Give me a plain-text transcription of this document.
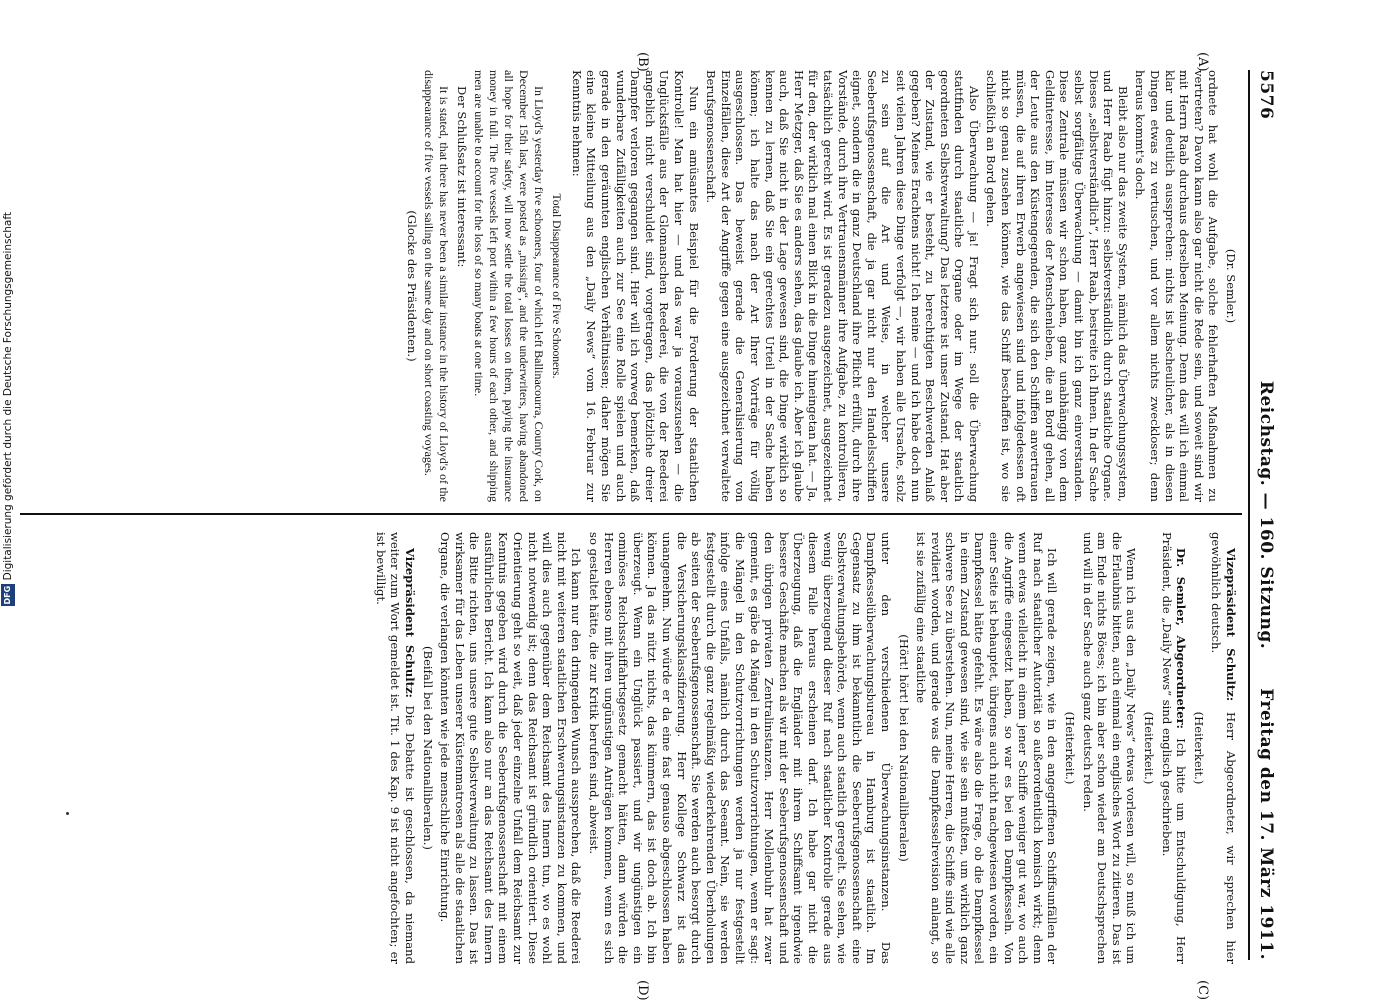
5576
Reichstag. — 160. Sitzung.
Freitag den 17. März 1911.
(A)
(B)
(C)
(D)

(Dr. Semler.)

ordnete hat wohl die Aufgabe, solche fehlerhaften Maßnahmen zu vertreten? Davon kann also gar nicht die Rede sein, und soweit sind wir mit Herrn Raab durchaus derselben Meinung. Denn das will ich einmal klar und deutlich aussprechen: nichts ist abscheulicher, als in diesen Dingen etwas zu vertuschen, und vor allem nichts zweckloser; denn heraus kommt's doch.

Bleibt also nur das zweite System, nämlich das Überwachungssystem, und Herr Raab fügt hinzu: selbstverständlich durch staatliche Organe. Dieses „selbstverständlich“, Herr Raab, bestreite ich Ihnen. In der Sache selbst sorgfältige Überwachung — damit bin ich ganz einverstanden. Diese Zentrale müssen wir schon haben, ganz unabhängig von dem Geldinteresse, im Interesse der Menschenleben, die an Bord gehen, all der Leute aus den Küstengegenden, die sich den Schiffen anvertrauen müssen, die auf ihren Erwerb angewiesen sind und infolgedessen oft nicht so genau zusehen können, wie das Schiff beschaffen ist, wo sie schließlich an Bord gehen.

Also Überwachung — ja! Fragt sich nur: soll die Überwachung stattfinden durch staatliche Organe oder im Wege der staatlich geordneten Selbstverwaltung? Das letztere ist unser Zustand. Hat aber der Zustand, wie er besteht, zu berechtigten Beschwerden Anlaß gegeben? Meines Erachtens nicht! Ich meine — und ich habe doch nun seit vielen Jahren diese Dinge verfolgt —, wir haben alle Ursache, stolz zu sein auf die Art und Weise, in welcher unsere Seeberufsgenossenschaft, die ja gar nicht nur den Handelsschiffen eignet, sondern die in ganz Deutschland ihre Pflicht erfüllt, durch ihre Vorstände, durch ihre Vertrauensmänner ihre Aufgabe, zu kontrollieren, tatsächlich gerecht wird. Es ist geradezu ausgezeichnet, ausgezeichnet für den, der wirklich mal einen Blick in die Dinge hineingetan hat. — Ja, Herr Metzger, daß Sie es anders sehen, das glaube ich. Aber ich glaube auch, daß Sie nicht in der Lage gewesen sind, die Dinge wirklich so kennen zu lernen, daß Sie ein gerechtes Urteil in der Sache haben können; ich halte das nach der Art Ihrer Vorträge für völlig ausgeschlossen. Das beweist gerade die Generalisierung von Einzelfällen, diese Art der Angriffe gegen eine ausgezeichnet verwaltete Berufsgenossenschaft.

Nun ein amüsantes Beispiel für die Forderung der staatlichen Kontrolle! Man hat hier — und das war ja vorauszusehen — die Unglücksfälle aus der Glomanschen Reederei, die von der Reederei angeblich nicht verschuldet sind, vorgetragen, das plötzliche dreier Dampfer verloren gegangen sind. Hier will ich vorweg bemerken, daß wunderbare Zufälligkeiten auch zur See eine Rolle spielen und auch gerade in den geräumten englischen Verhältnissen; daher mögen Sie eine kleine Mitteilung aus den „Daily News“ vom 16. Februar zur Kenntnis nehmen:

Total Disappearance of Five Schooners.

In Lloyd's yesterday five schooners, four of which left Ballinacourra, County Cork, on December 15th last, were posted as „missing“, and the underwriters, having abandoned all hope for their safety, will now settle the total losses on them, paying the insurance money in full. The five vessels left port within a few hours of each other, and shipping men are unable to account for the loss of so many boats at one time.

Der Schlußsatz ist interessant:

It is stated, that there has never been a similar instance in the history of Lloyd's of the disappearance of five vessels sailing on the same day and on short coasting voyages.

(Glocke des Präsidenten.)

Vizepräsident Schultz: Herr Abgeordneter, wir sprechen hier gewöhnlich deutsch.

(Heiterkeit.)

Dr. Semler, Abgeordneter: Ich bitte um Entschuldigung, Herr Präsident, die „Daily News“ sind englisch geschrieben.

(Heiterkeit.)

Wenn ich aus den „Daily News“ etwas vorlesen will, so muß ich um die Erlaubnis bitten, auch einmal ein englisches Wort zu zitieren. Das ist am Ende nichts Böses; ich bin aber schon wieder am Deutschsprechen und will in der Sache auch ganz deutsch reden.

(Heiterkeit.)

Ich will gerade zeigen, wie in den angegriffenen Schiffsunfällen der Ruf nach staatlicher Autorität so außerordentlich komisch wirkt; denn wenn etwas vielleicht in einem jener Schiffe weniger gut war, wo auch die Angriffe eingesetzt haben, so war es bei den Dampfkesseln. Von einer Seite ist behauptet, übrigens auch nicht nachgewiesen worden, ein Dampfkessel hätte gefehlt. Es wäre also die Frage, ob die Dampfkessel in einem Zustand gewesen sind, wie sie sein mußten, um wirklich ganz schwere See zu überstehen. Nun, meine Herren, die Schiffe sind wie alle revidiert worden, und gerade was die Dampfkesselrevision anlangt, so ist sie zufällig eine staatliche

(Hört! hört! bei den Nationalliberalen)

unter den verschiedenen Überwachungsinstanzen. Das Dampfkesselüberwachungsbureau in Hamburg ist staatlich. Im Gegensatz zu ihm ist bekanntlich die Seeberufsgenossenschaft eine Selbstverwaltungsbehörde, wenn auch staatlich geregelt. Sie sehen, wie wenig überzeugend dieser Ruf nach staatlicher Kontrolle gerade aus diesem Falle heraus erscheinen darf. Ich habe gar nicht die Überzeugung, daß die Engländer mit ihrem Schiffsamt irgendwie bessere Geschäfte machen als wir mit der Seeberufsgenossenschaft und den übrigen privaten Zentralinstanzen. Herr Mollenbuhr hat zwar gemeint, es gäbe da Mängel in den Schutzvorrichtungen, wenn er sagt: die Mängel in den Schutzvorrichtungen werden ja nur festgestellt infolge eines Unfalls, nämlich durch das Seeamt. Nein, sie werden festgestellt durch die ganz regelmäßig wiederkehrenden Überholungen ab seiten der Seeberufsgenossenschaft. Sie werden auch besorgt durch die Versicherungsklassifizierung. Herr Kollege Schwarz ist das unangenehm. Nun würde er da eine fast genauso abgeschlossen haben können. Ja das nützt nichts, das kümmern, das ist doch ab. Ich bin überzeugt. Wenn ein Unglück passiert, und wir ungünstigen ein ominöses Reichsschiffahrtsgesetz gemacht hätten, dann würden die Herren ebenso mit ihren ungünstigen Anträgen kommen, wenn es sich so gestaltet hätte, die zur Kritik berufen sind, abweist.

Ich kann nur den dringenden Wunsch aussprechen, daß die Reederei nicht mit weiteren staatlichen Erschwerungsinstanzen zu kommen, und will dies auch gegenüber dem Reichsamt des Innern tun, wo es wohl nicht notwendig ist; denn das Reichsamt ist gründlich orientiert. Diese Orientierung geht so weit, daß jeder einzelne Unfall dem Reichsamt zur Kenntnis gegeben wird durch die Seeberufsgenossenschaft mit einem ausführlichen Bericht. Ich kann also nur an das Reichsamt des Innern die Bitte richten, uns unsere gute Selbstverwaltung zu lassen. Das ist wirksamer für das Leben unserer Küstenmatrosen als alle die staatlichen Organe, die verlangen könnten wie jede menschliche Einrichtung.

(Beifall bei den Nationalliberalen.)

Vizepräsident Schultz: Die Debatte ist geschlossen, da niemand weiter zum Wort gemeldet ist. Tit. 1 des Kap. 9 ist nicht angefochten; er ist bewilligt.

DFG
Digitalisierung gefördert durch die Deutsche Forschungsgemeinschaft
